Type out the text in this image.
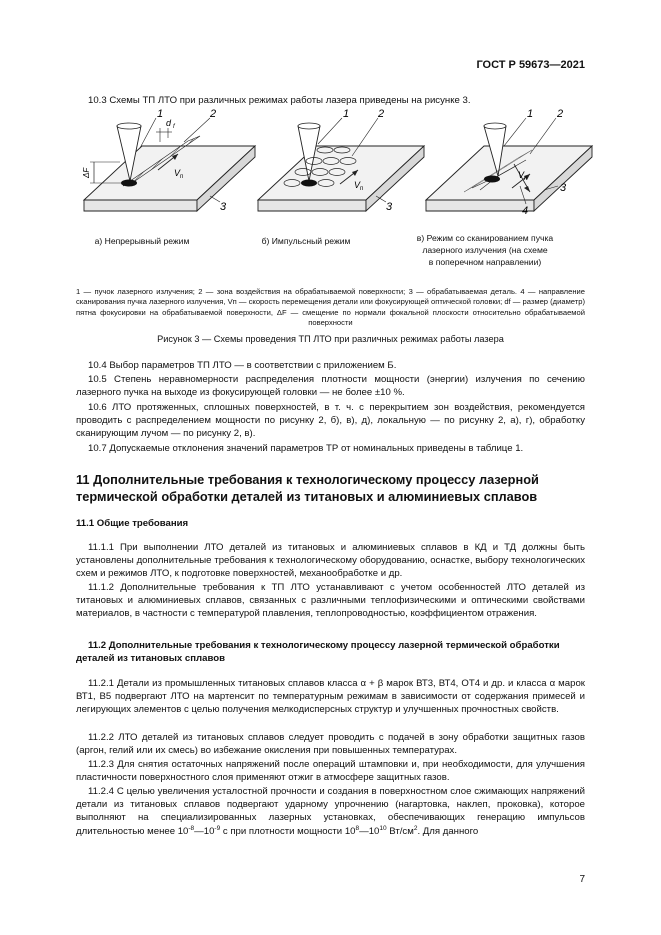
ГОСТ Р 59673—2021
10.3 Схемы ТП ЛТО при различных режимах работы лазера приведены на рисунке 3.
1	2
3
d f
ΔF	V п
1	2
3
V п
1 2
3
4
V п
а) Непрерывный режим	б) Импульсный режим	в) Режим со сканированием пучка
лазерного излучения (на схеме
в поперечном направлении)
1 — пучок лазерного излучения; 2 — зона воздействия на обрабатываемой поверхности; 3 — обрабатываемая деталь. 4 — направление сканирования пучка лазерного излучения, Vп — скорость перемещения детали или фокусирующей оптической головки; df — размер (диаметр) пятна фокусировки на обрабатываемой поверхности, ΔF — смещение по нормали фокальной плоскости относительно обрабатываемой поверхности
Рисунок 3 — Схемы проведения ТП ЛТО при различных режимах работы лазера
10.4 Выбор параметров ТП ЛТО — в соответствии с приложением Б.
10.5 Степень неравномерности распределения плотности мощности (энергии) излучения по сечению лазерного пучка на выходе из фокусирующей головки — не более ±10 %.
10.6 ЛТО протяженных, сплошных поверхностей, в т. ч. с перекрытием зон воздействия, рекомендуется проводить с распределением мощности по рисунку 2, б), в), д), локальную — по рисунку 2, а), г), обработку сканирующим лучом — по рисунку 2, в).
10.7 Допускаемые отклонения значений параметров ТР от номинальных приведены в таблице 1.
11 Дополнительные требования к технологическому процессу лазерной термической обработки деталей из титановых и алюминиевых сплавов
11.1 Общие требования
11.1.1 При выполнении ЛТО деталей из титановых и алюминиевых сплавов в КД и ТД должны быть установлены дополнительные требования к технологическому оборудованию, оснастке, выбору технологических схем и режимов ЛТО, к подготовке поверхностей, механообработке и др.
11.1.2 Дополнительные требования к ТП ЛТО устанавливают с учетом особенностей ЛТО деталей из титановых и алюминиевых сплавов, связанных с различными теплофизическими и оптическими свойствами материалов, в частности с температурой плавления, теплопроводностью, коэффициентом отражения.
11.2 Дополнительные требования к технологическому процессу лазерной термической обработки деталей из титановых сплавов
11.2.1 Детали из промышленных титановых сплавов класса α + β марок ВТ3, ВТ4, ОТ4 и др. и класса α марок ВТ1, В5 подвергают ЛТО на мартенсит по температурным режимам в зависимости от содержания примесей и легирующих элементов с целью получения мелкодисперсных структур и улучшенных прочностных свойств.
11.2.2 ЛТО деталей из титановых сплавов следует проводить с подачей в зону обработки защитных газов (аргон, гелий или их смесь) во избежание окисления при повышенных температурах.
11.2.3 Для снятия остаточных напряжений после операций штамповки и, при необходимости, для улучшения пластичности поверхностного слоя применяют отжиг в атмосфере защитных газов.
11.2.4 С целью увеличения усталостной прочности и создания в поверхностном слое сжимающих напряжений детали из титановых сплавов подвергают ударному упрочнению (нагартовка, наклеп, проковка), которое выполняют на специализированных лазерных установках, обеспечивающих генерацию импульсов длительностью менее $10^{-8}—10^{-9}$ с при плотности мощности $10^8—10^{10}$ $Вт/см^2$. Для данного
7
